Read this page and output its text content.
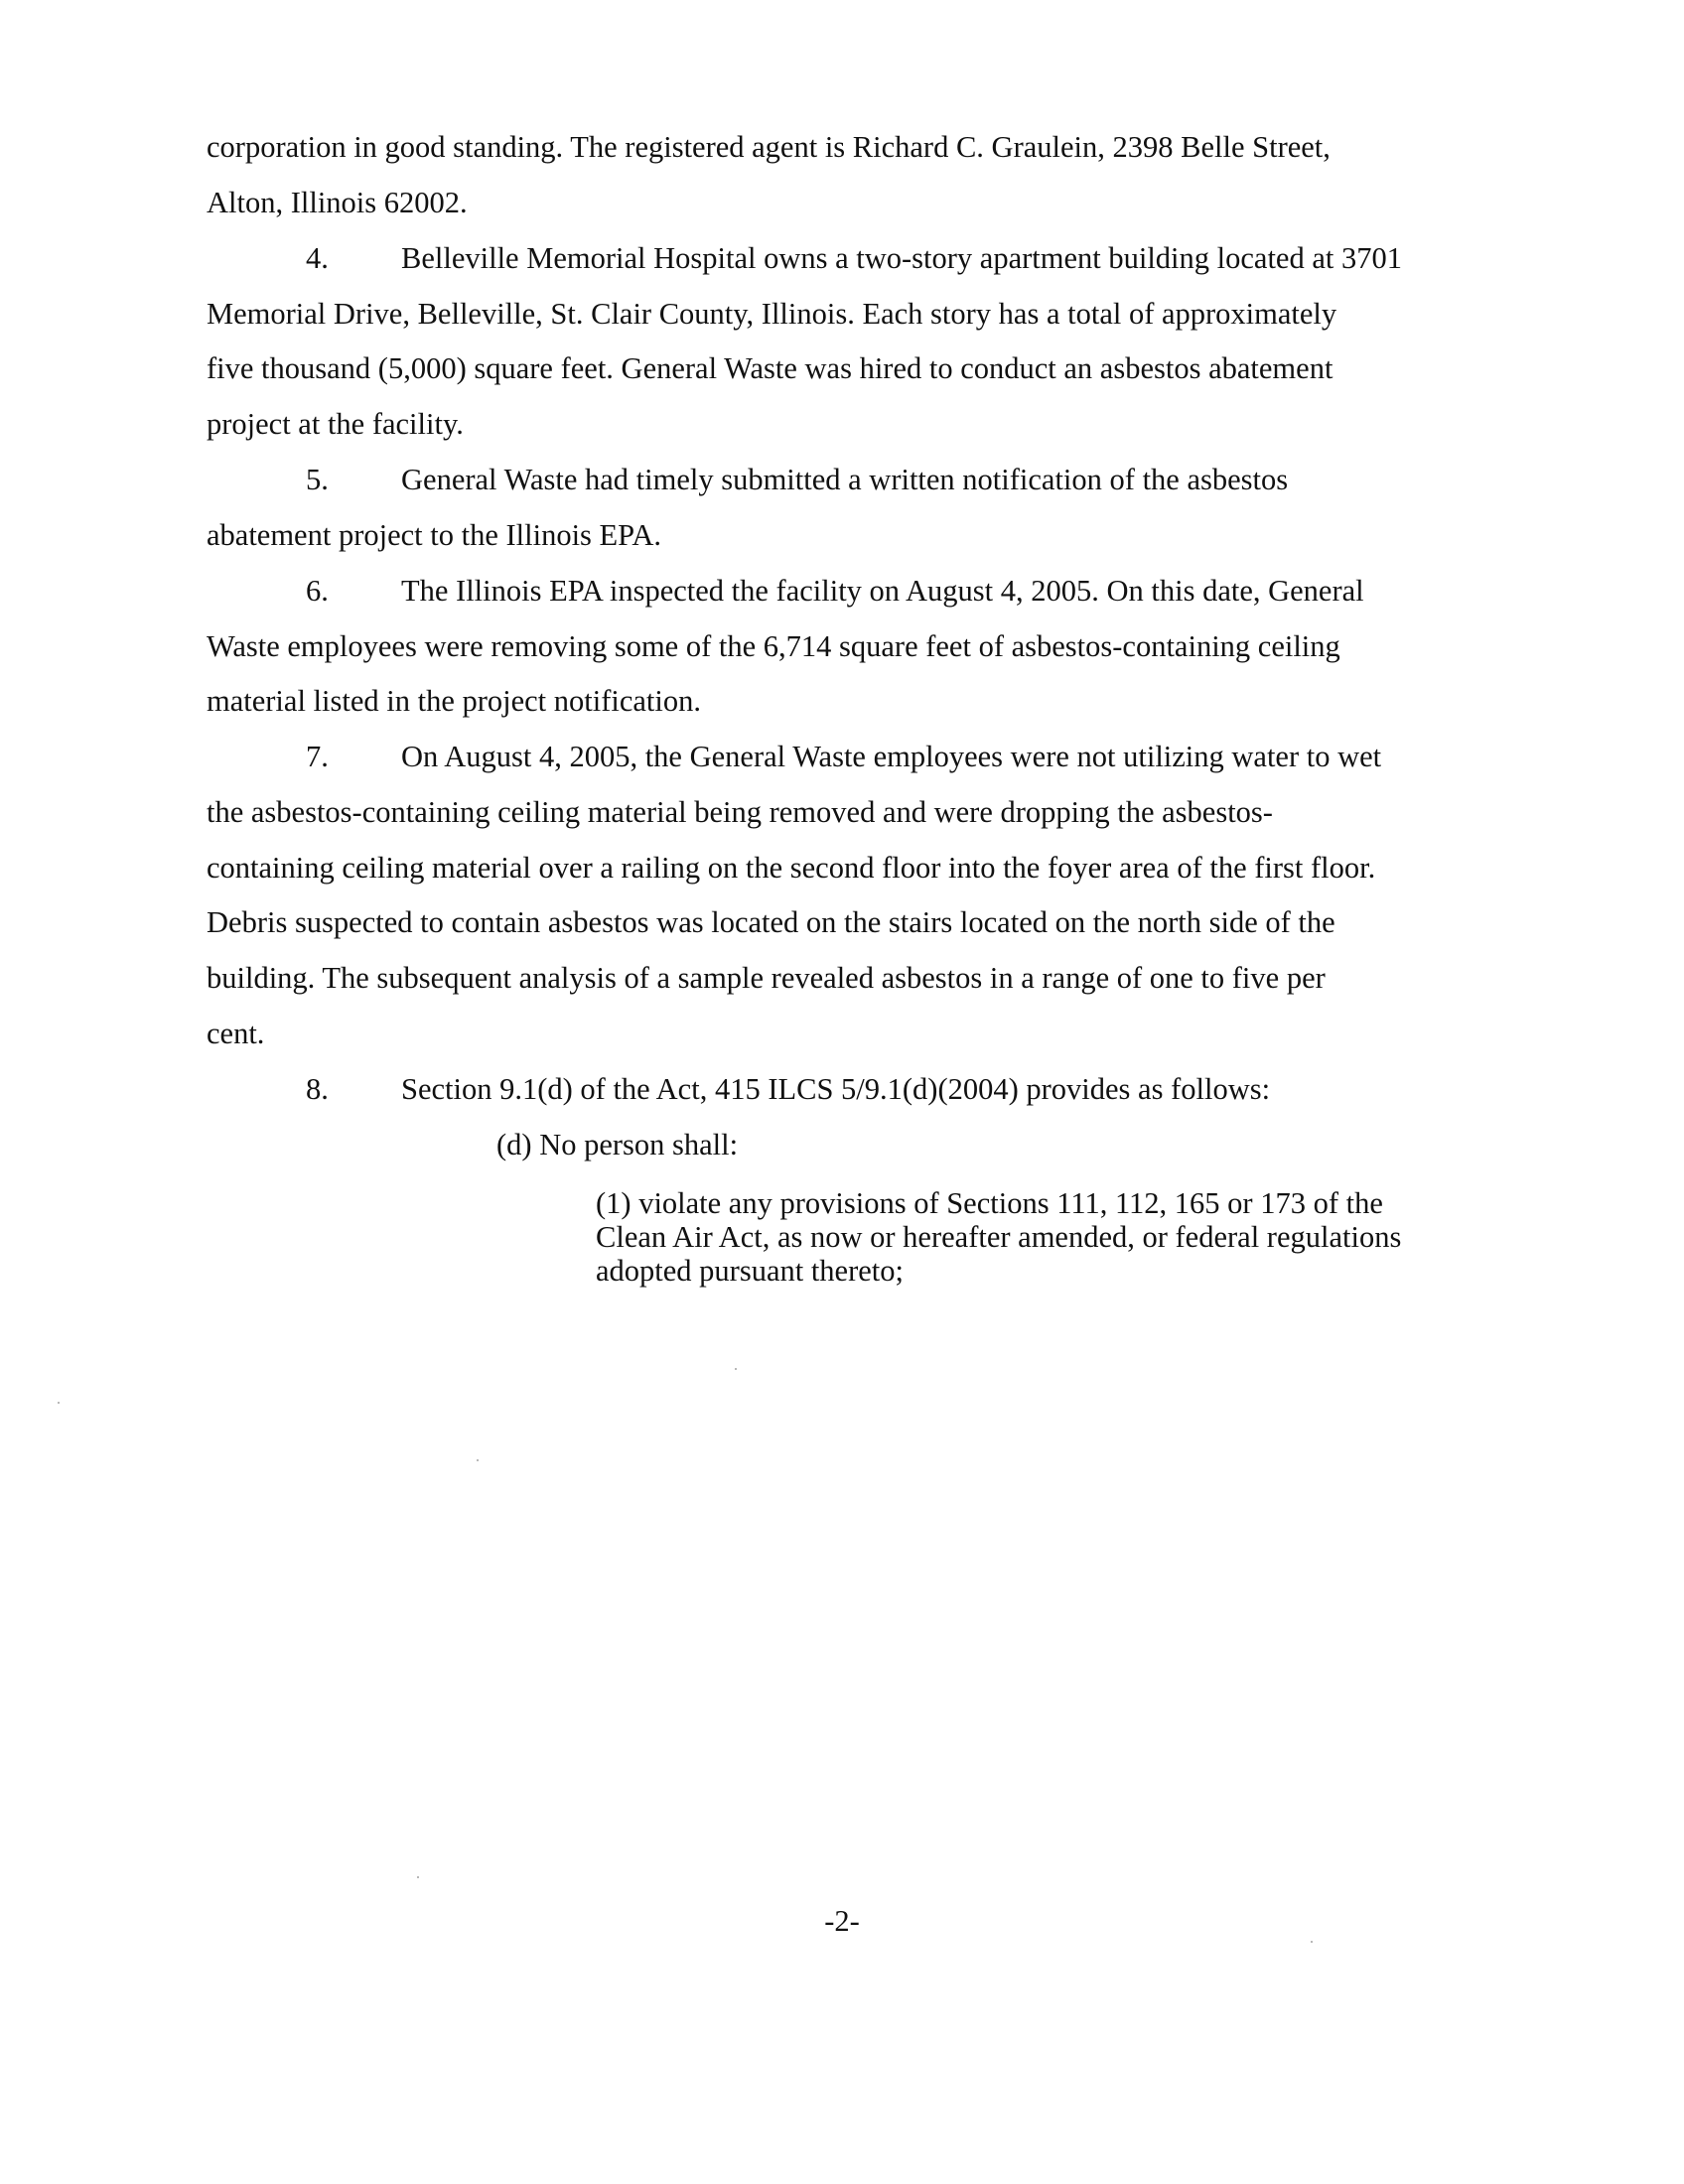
corporation in good standing. The registered agent is Richard C. Graulein, 2398 Belle Street,
Alton, Illinois 62002.
4. Belleville Memorial Hospital owns a two-story apartment building located at 3701
Memorial Drive, Belleville, St. Clair County, Illinois. Each story has a total of approximately
five thousand (5,000) square feet. General Waste was hired to conduct an asbestos abatement
project at the facility.
5. General Waste had timely submitted a written notification of the asbestos
abatement project to the Illinois EPA.
6. The Illinois EPA inspected the facility on August 4, 2005. On this date, General
Waste employees were removing some of the 6,714 square feet of asbestos-containing ceiling
material listed in the project notification.
7. On August 4, 2005, the General Waste employees were not utilizing water to wet
the asbestos-containing ceiling material being removed and were dropping the asbestos-
containing ceiling material over a railing on the second floor into the foyer area of the first floor.
Debris suspected to contain asbestos was located on the stairs located on the north side of the
building. The subsequent analysis of a sample revealed asbestos in a range of one to five per
cent.
8. Section 9.1(d) of the Act, 415 ILCS 5/9.1(d)(2004) provides as follows:
(d) No person shall:
(1) violate any provisions of Sections 111, 112, 165 or 173 of the
Clean Air Act, as now or hereafter amended, or federal regulations
adopted pursuant thereto;
-2-
